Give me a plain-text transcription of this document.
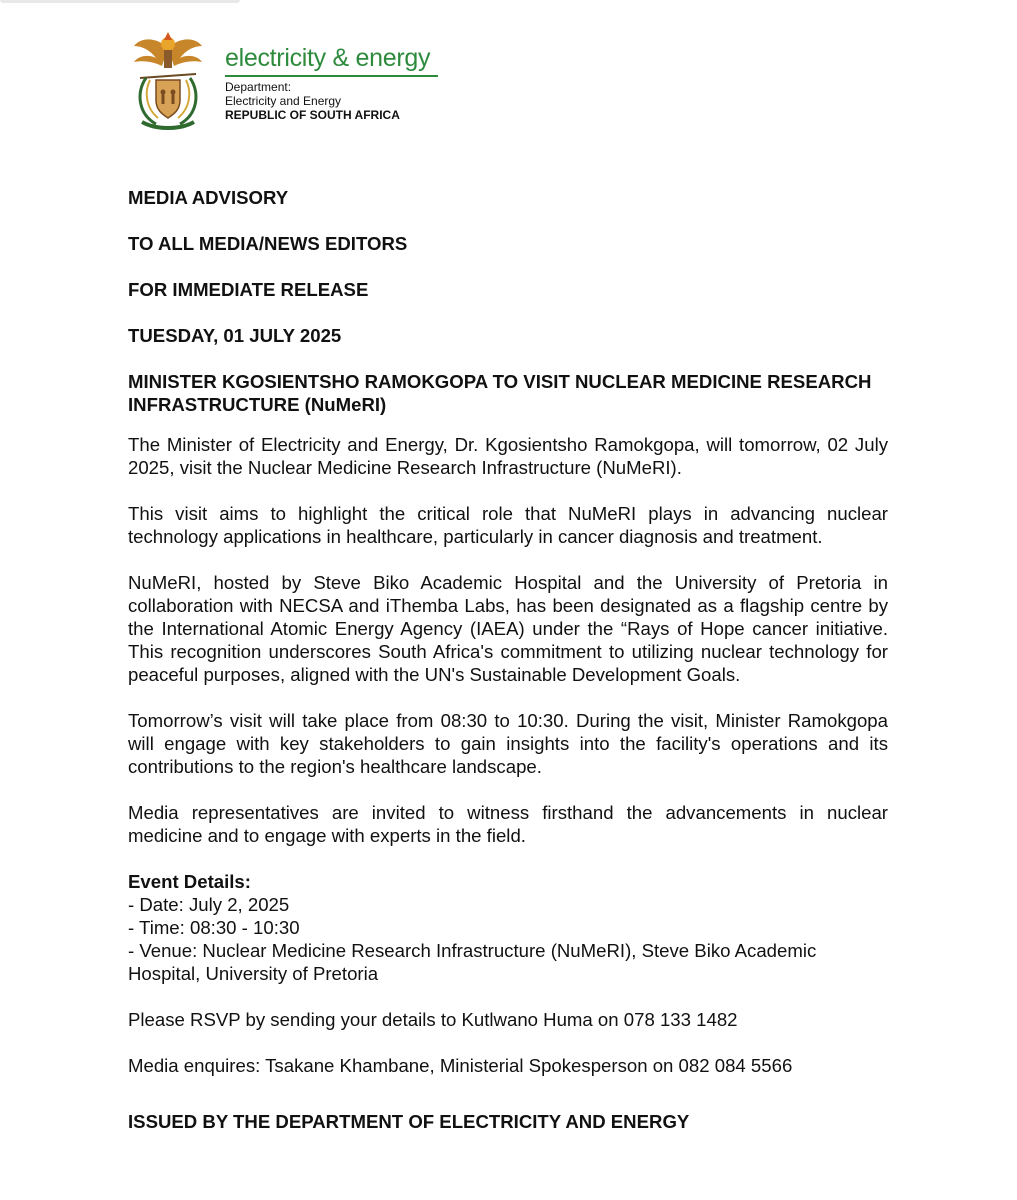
electricity & energy
Department:
Electricity and Energy
REPUBLIC OF SOUTH AFRICA
MEDIA ADVISORY
TO ALL MEDIA/NEWS EDITORS
FOR IMMEDIATE RELEASE
TUESDAY, 01 JULY 2025
MINISTER KGOSIENTSHO RAMOKGOPA TO VISIT NUCLEAR MEDICINE RESEARCH INFRASTRUCTURE (NuMeRI)
The Minister of Electricity and Energy, Dr. Kgosientsho Ramokgopa, will tomorrow, 02 July 2025, visit the Nuclear Medicine Research Infrastructure (NuMeRI).
This visit aims to highlight the critical role that NuMeRI plays in advancing nuclear technology applications in healthcare, particularly in cancer diagnosis and treatment.
NuMeRI, hosted by Steve Biko Academic Hospital and the University of Pretoria in collaboration with NECSA and iThemba Labs, has been designated as a flagship centre by the International Atomic Energy Agency (IAEA) under the “Rays of Hope cancer initiative. This recognition underscores South Africa's commitment to utilizing nuclear technology for peaceful purposes, aligned with the UN's Sustainable Development Goals.
Tomorrow’s visit will take place from 08:30 to 10:30. During the visit, Minister Ramokgopa will engage with key stakeholders to gain insights into the facility's operations and its contributions to the region's healthcare landscape.
Media representatives are invited to witness firsthand the advancements in nuclear medicine and to engage with experts in the field.
Event Details:
- Date: July 2, 2025
- Time: 08:30 - 10:30
- Venue: Nuclear Medicine Research Infrastructure (NuMeRI), Steve Biko Academic Hospital, University of Pretoria
Please RSVP by sending your details to Kutlwano Huma on 078 133 1482
Media enquires: Tsakane Khambane, Ministerial Spokesperson on 082 084 5566
ISSUED BY THE DEPARTMENT OF ELECTRICITY AND ENERGY
